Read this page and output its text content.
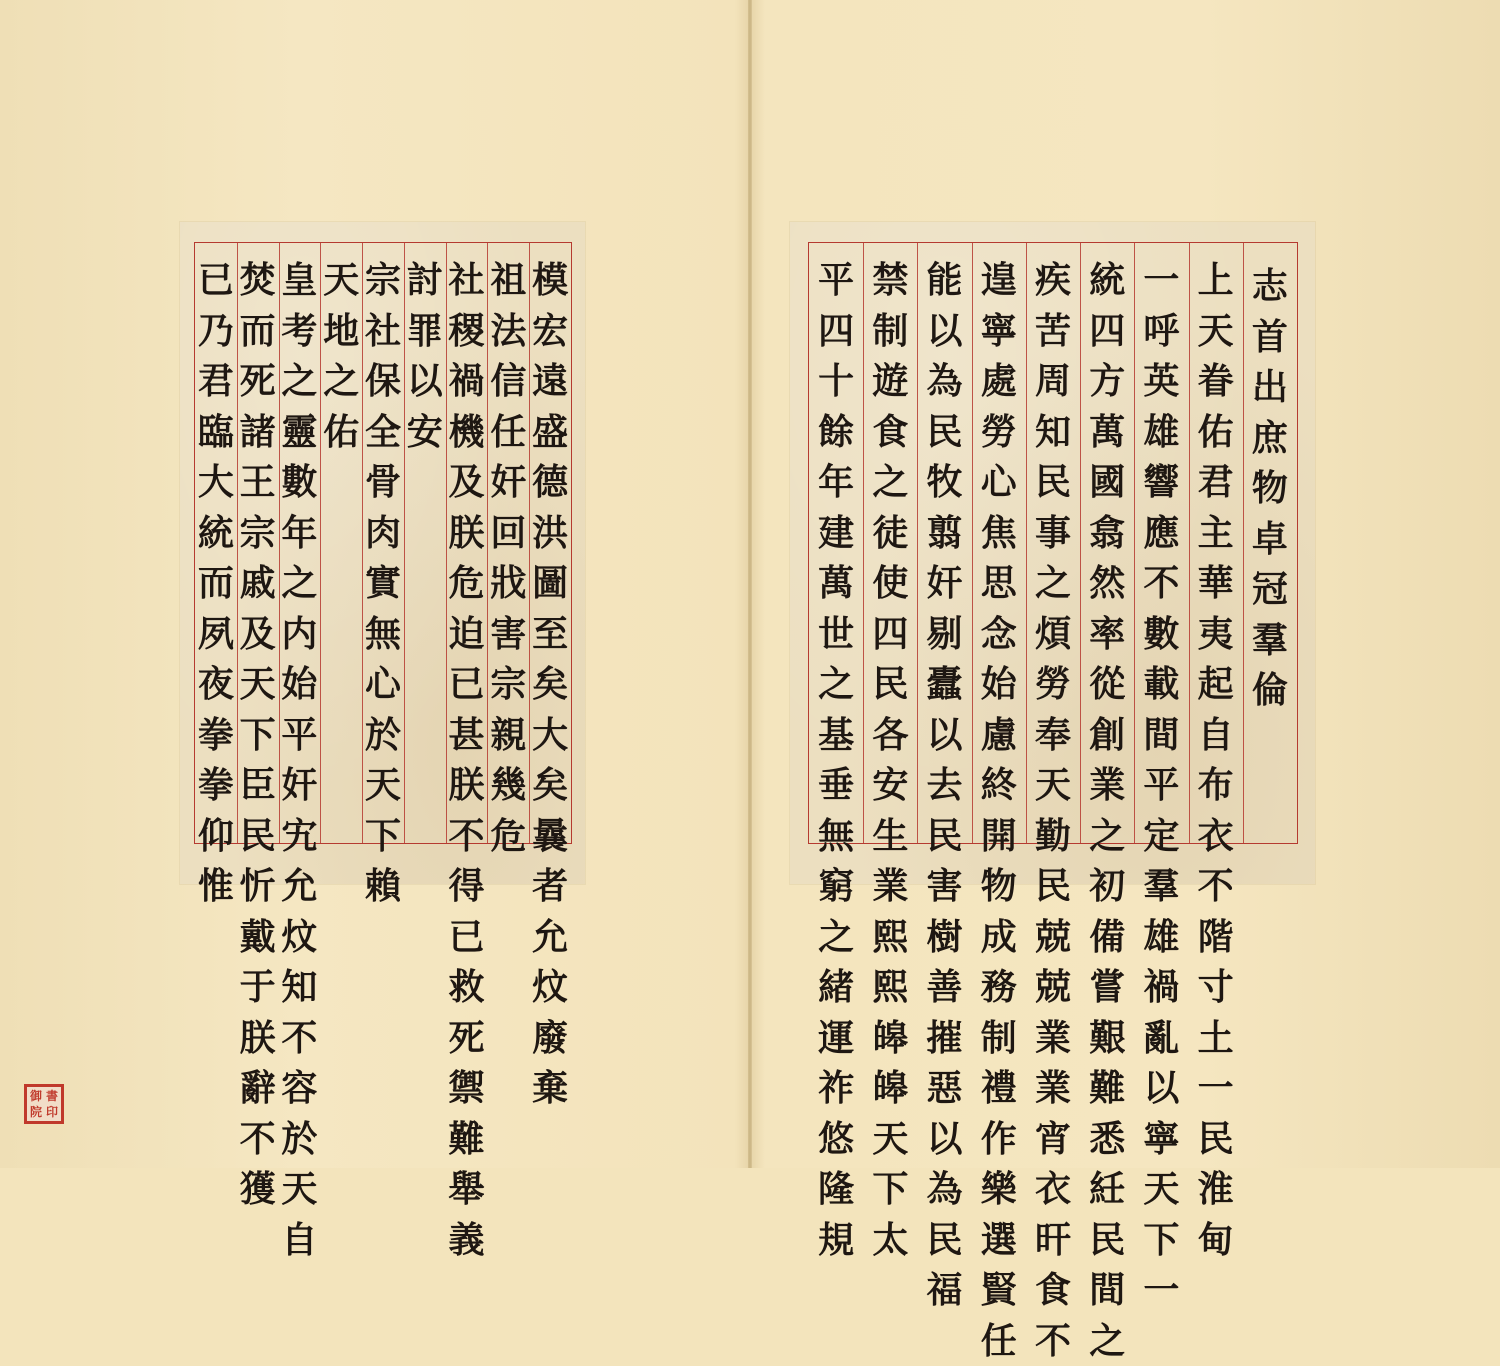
模
宏
遠
盛
德
洪
圖
至
矣
大
矣
曩
者
允
炆
廢
棄
祖
法
信
任
奸
回
戕
害
宗
親
幾
危
社
稷
禍
機
及
朕
危
迫
已
甚
朕
不
得
已
救
死
禦
難
舉
義
討
罪
以
安
宗
社
保
全
骨
肉
實
無
心
於
天
下
賴
天
地
之
佑
皇
考
之
靈
數
年
之
内
始
平
奸
宄
允
炆
知
不
容
於
天
自
焚
而
死
諸
王
宗
戚
及
天
下
臣
民
忻
戴
于
朕
辭
不
獲
已
乃
君
臨
大
統
而
夙
夜
拳
拳
仰
惟
志
首
出
庶
物
卓
冠
羣
倫
上
天
眷
佑
君
主
華
夷
起
自
布
衣
不
階
寸
土
一
民
淮
甸
一
呼
英
雄
響
應
不
數
載
間
平
定
羣
雄
禍
亂
以
寧
天
下
一
統
四
方
萬
國
翕
然
率
從
創
業
之
初
備
嘗
艱
難
悉
紝
民
間
之
疾
苦
周
知
民
事
之
煩
勞
奉
天
勤
民
兢
兢
業
業
宵
衣
旰
食
不
遑
寧
處
勞
心
焦
思
念
始
慮
終
開
物
成
務
制
禮
作
樂
選
賢
任
能
以
為
民
牧
翦
奸
剔
蠹
以
去
民
害
樹
善
摧
惡
以
為
民
福
禁
制
遊
食
之
徒
使
四
民
各
安
生
業
熙
熙
皞
皞
天
下
太
平
四
十
餘
年
建
萬
世
之
基
垂
無
窮
之
緒
運
祚
悠
隆
規
御 書
院 印
